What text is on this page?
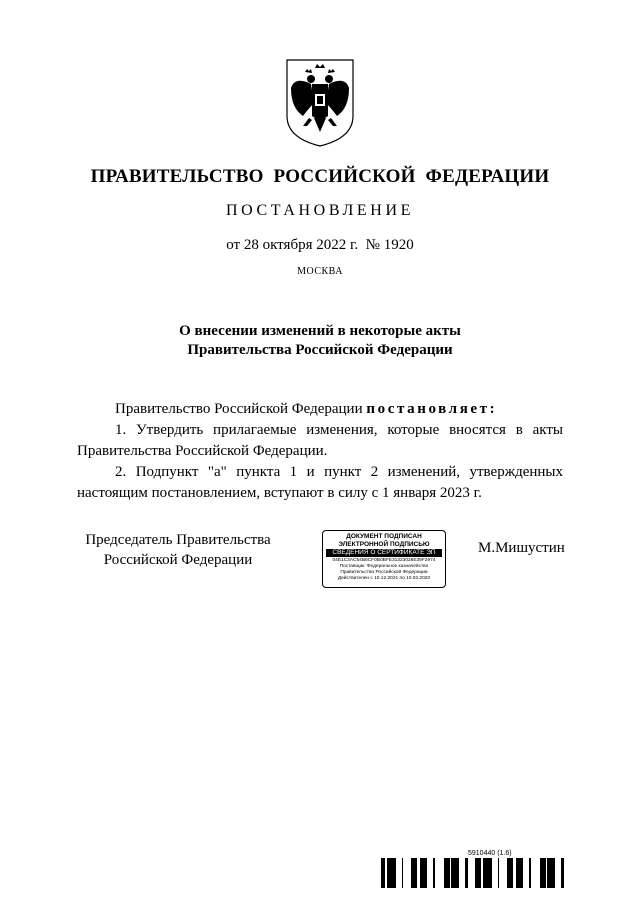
ПРАВИТЕЛЬСТВО РОССИЙСКОЙ ФЕДЕРАЦИИ
ПОСТАНОВЛЕНИЕ
от 28 октября 2022 г.  № 1920
МОСКВА
О внесении изменений в некоторые акты
Правительства Российской Федерации
Правительство Российской Федерации постановляет:
1. Утвердить прилагаемые изменения, которые вносятся в акты Правительства Российской Федерации.
2. Подпункт "а" пункта 1 и пункт 2 изменений, утвержденных настоящим постановлением, вступают в силу с 1 января 2023 г.
Председатель Правительства
Российской Федерации
ДОКУМЕНТ ПОДПИСАН
ЭЛЕКТРОННОЙ ПОДПИСЬЮ
СВЕДЕНИЯ О СЕРТИФИКАТЕ ЭП
04E1C3AC54B8CF0B0BFE31323028E39F2974
Поставщик: Федеральное казначейство
Правительство Российской Федерации
Действителен с 10.12.2021 по 10.03.2023
М.Мишустин
5910440 (1.6)
